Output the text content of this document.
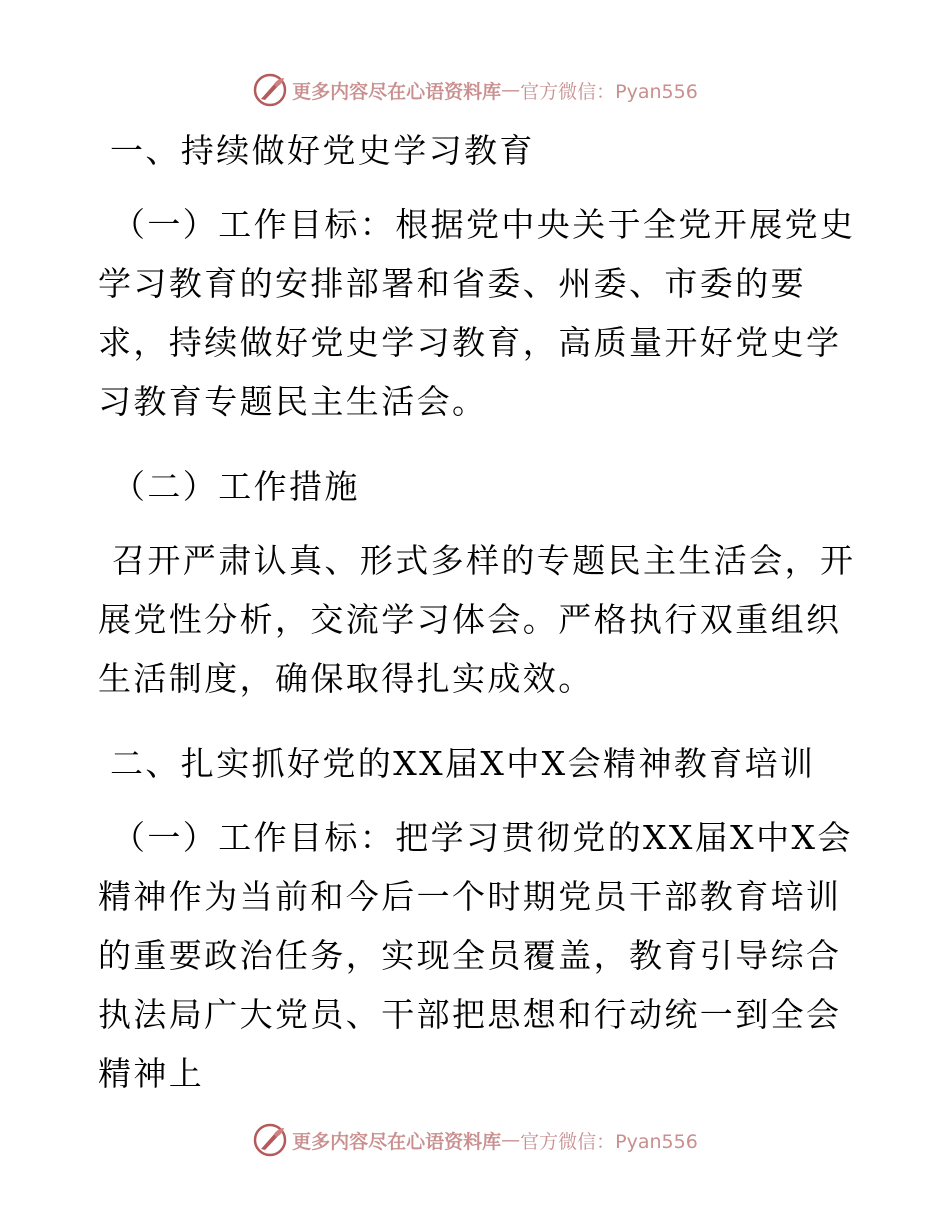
更多内容尽在心语资料库 — 官方微信：Pyan556

一、持续做好党史学习教育

（一）工作目标：根据党中央关于全党开展党史学习教育的安排部署和省委、州委、市委的要求，持续做好党史学习教育，高质量开好党史学习教育专题民主生活会。

（二）工作措施

召开严肃认真、形式多样的专题民主生活会，开展党性分析，交流学习体会。严格执行双重组织生活制度，确保取得扎实成效。

二、扎实抓好党的XX届X中X会精神教育培训

（一）工作目标：把学习贯彻党的XX届X中X会精神作为当前和今后一个时期党员干部教育培训的重要政治任务，实现全员覆盖，教育引导综合执法局广大党员、干部把思想和行动统一到全会精神上

更多内容尽在心语资料库 — 官方微信：Pyan556
